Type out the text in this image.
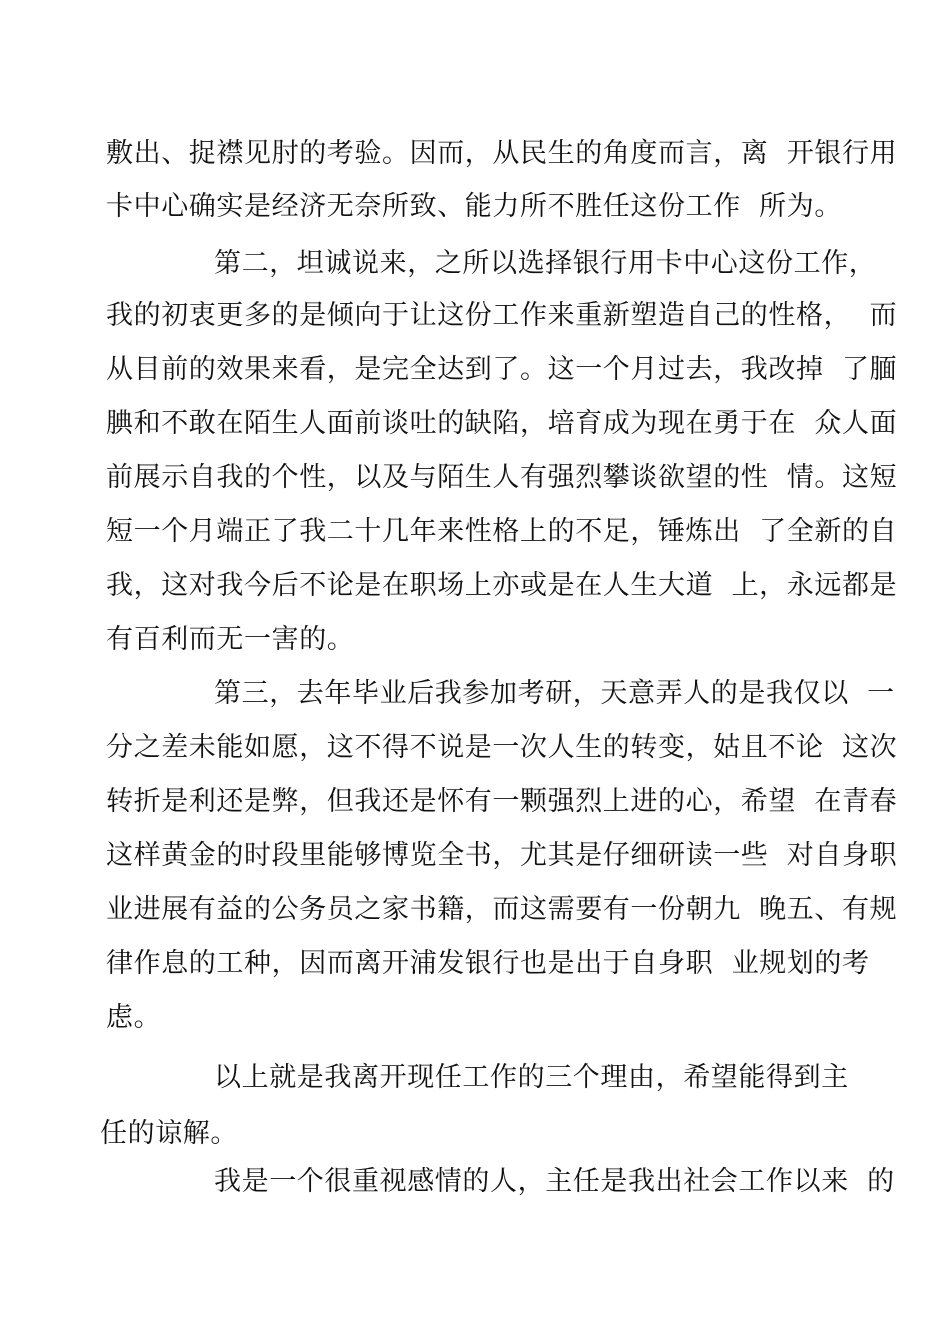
敷出、捉襟见肘的考验。因而，从民生的角度而言，离  开银行用
卡中心确实是经济无奈所致、能力所不胜任这份工作  所为。
第二，坦诚说来，之所以选择银行用卡中心这份工作，
我的初衷更多的是倾向于让这份工作来重新塑造自己的性格，  而
从目前的效果来看，是完全达到了。这一个月过去，我改掉  了腼
腆和不敢在陌生人面前谈吐的缺陷，培育成为现在勇于在  众人面
前展示自我的个性，以及与陌生人有强烈攀谈欲望的性  情。这短
短一个月端正了我二十几年来性格上的不足，锤炼出  了全新的自
我，这对我今后不论是在职场上亦或是在人生大道  上，永远都是
有百利而无一害的。
第三，去年毕业后我参加考研，天意弄人的是我仅以  一
分之差未能如愿，这不得不说是一次人生的转变，姑且不论  这次
转折是利还是弊，但我还是怀有一颗强烈上进的心，希望  在青春
这样黄金的时段里能够博览全书，尤其是仔细研读一些  对自身职
业进展有益的公务员之家书籍，而这需要有一份朝九  晚五、有规
律作息的工种，因而离开浦发银行也是出于自身职  业规划的考
虑。
以上就是我离开现任工作的三个理由，希望能得到主
任的谅解。
我是一个很重视感情的人，主任是我出社会工作以来  的
